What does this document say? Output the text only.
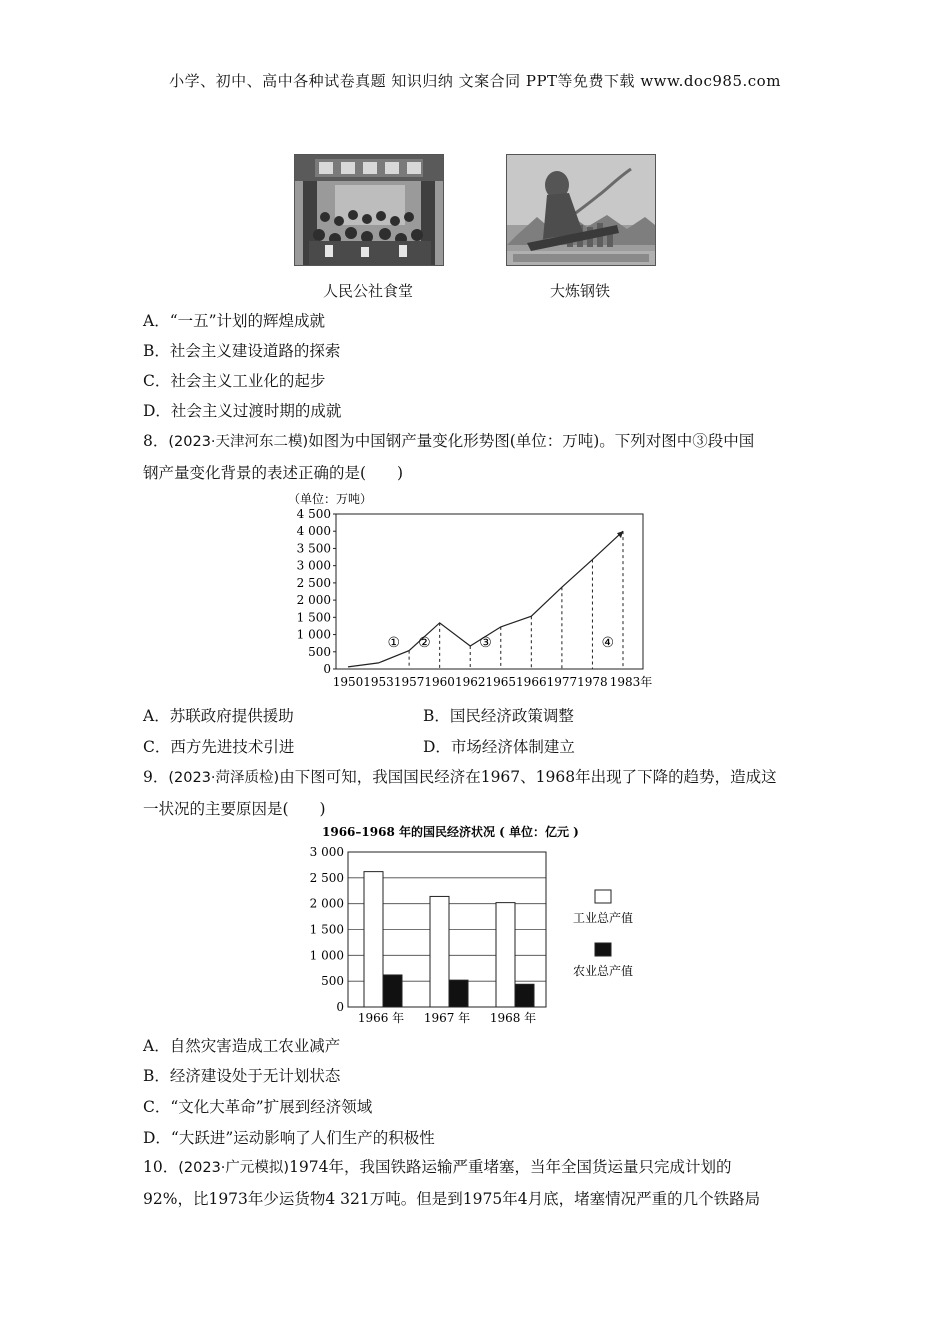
小学、初中、高中各种试卷真题 知识归纳 文案合同 PPT等免费下载 www.doc985.com
人民公社食堂	大炼钢铁
A．“一五”计划的辉煌成就
B．社会主义建设道路的探索
C．社会主义工业化的起步
D．社会主义过渡时期的成就
8．(2023·天津河东二模)如图为中国钢产量变化形势图(单位：万吨)。下列对图中③段中国
钢产量变化背景的表述正确的是(　　)
（单位：万吨）
0
500
1 000
1 500
2 000
2 500
3 000
3 500
4 000
4 500
1950 1953 1957 1960 1962 1965 1966 1977 1978 1983年
① ②	③	④
A．苏联政府提供援助	B．国民经济政策调整
C．西方先进技术引进	D．市场经济体制建立
9．(2023·菏泽质检)由下图可知，我国国民经济在1967、1968年出现了下降的趋势，造成这
一状况的主要原因是(　　)
1966–1968 年的国民经济状况 ( 单位：亿元 )
0
500
1 000
1 500
2 000
2 500
3 000
1966 年 1967 年 1968 年
工业总产值
农业总产值
A．自然灾害造成工农业减产
B．经济建设处于无计划状态
C．“文化大革命”扩展到经济领域
D．“大跃进”运动影响了人们生产的积极性
10．(2023·广元模拟)1974年，我国铁路运输严重堵塞，当年全国货运量只完成计划的
92%，比1973年少运货物4 321万吨。但是到1975年4月底，堵塞情况严重的几个铁路局
